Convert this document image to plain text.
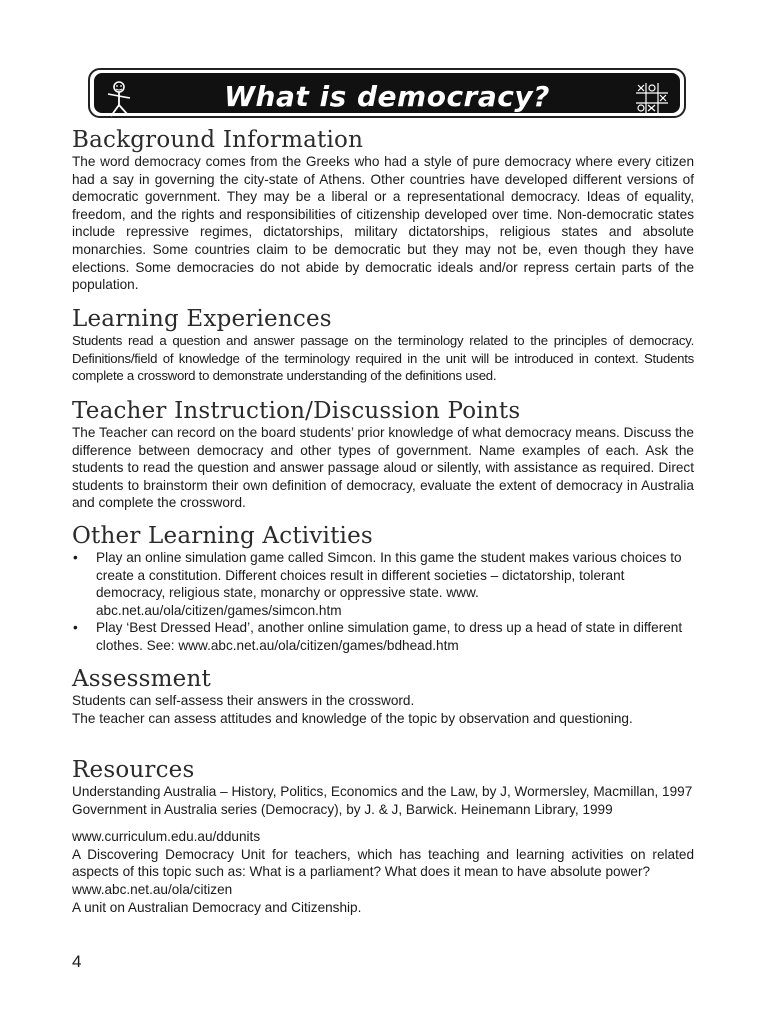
What is democracy?
Background Information

The word democracy comes from the Greeks who had a style of pure democracy where every citizen had a say in governing the city-state of Athens. Other countries have developed different versions of democratic government. They may be a liberal or a representational democracy. Ideas of equality, freedom, and the rights and responsibilities of citizenship developed over time. Non-democratic states include repressive regimes, dictatorships, military dictatorships, religious states and absolute monarchies. Some countries claim to be democratic but they may not be, even though they have elections. Some democracies do not abide by democratic ideals and/or repress certain parts of the population.

Learning Experiences

Students read a question and answer passage on the terminology related to the principles of democracy. Definitions/field of knowledge of the terminology required in the unit will be introduced in context. Students complete a crossword to demonstrate understanding of the definitions used.

Teacher Instruction/Discussion Points

The Teacher can record on the board students’ prior knowledge of what democracy means. Discuss the difference between democracy and other types of government. Name examples of each. Ask the students to read the question and answer passage aloud or silently, with assistance as required. Direct students to brainstorm their own definition of democracy, evaluate the extent of democracy in Australia and complete the crossword.

Other Learning Activities
• Play an online simulation game called Simcon. In this game the student makes various choices to create a constitution. Different choices result in different societies – dictatorship, tolerant democracy, religious state, monarchy or oppressive state. www. abc.net.au/ola/citizen/games/simcon.htm
• Play ‘Best Dressed Head’, another online simulation game, to dress up a head of state in different clothes. See: www.abc.net.au/ola/citizen/games/bdhead.htm
Assessment

Students can self-assess their answers in the crossword.

The teacher can assess attitudes and knowledge of the topic by observation and questioning.

Resources

Understanding Australia – History, Politics, Economics and the Law, by J, Wormersley, Macmillan, 1997

Government in Australia series (Democracy), by J. & J, Barwick. Heinemann Library, 1999

www.curriculum.edu.au/ddunits

A Discovering Democracy Unit for teachers, which has teaching and learning activities on related aspects of this topic such as: What is a parliament? What does it mean to have absolute power?

www.abc.net.au/ola/citizen

A unit on Australian Democracy and Citizenship.

4
